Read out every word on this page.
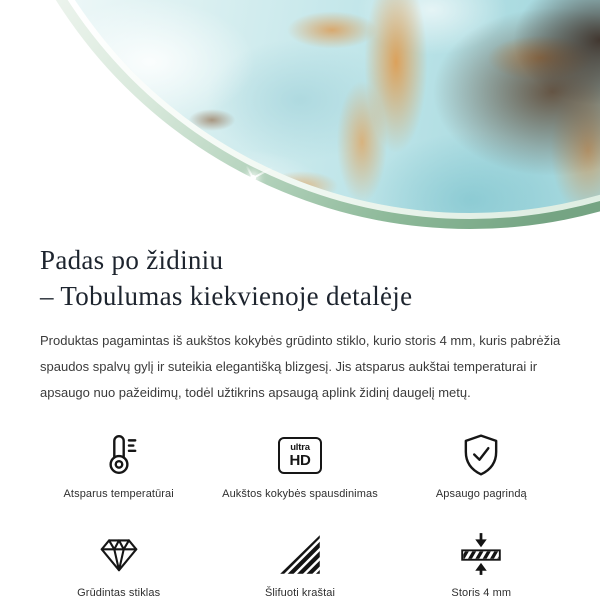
Padas po židiniu
– Tobulumas kiekvienoje detalėje

Produktas pagamintas iš aukštos kokybės grūdinto stiklo, kurio storis 4 mm, kuris pabrėžia spaudos spalvų gylį ir suteikia elegantišką blizgesį. Jis atsparus aukštai temperaturai ir apsaugo nuo pažeidimų, todėl užtikrins apsaugą aplink židinį daugelį metų.

Atsparus temperatūrai
ultra
HD
Aukštos kokybės spausdinimas	Apsaugo pagrindą
Grūdintas stiklas	Šlifuoti kraštai	Storis 4 mm
